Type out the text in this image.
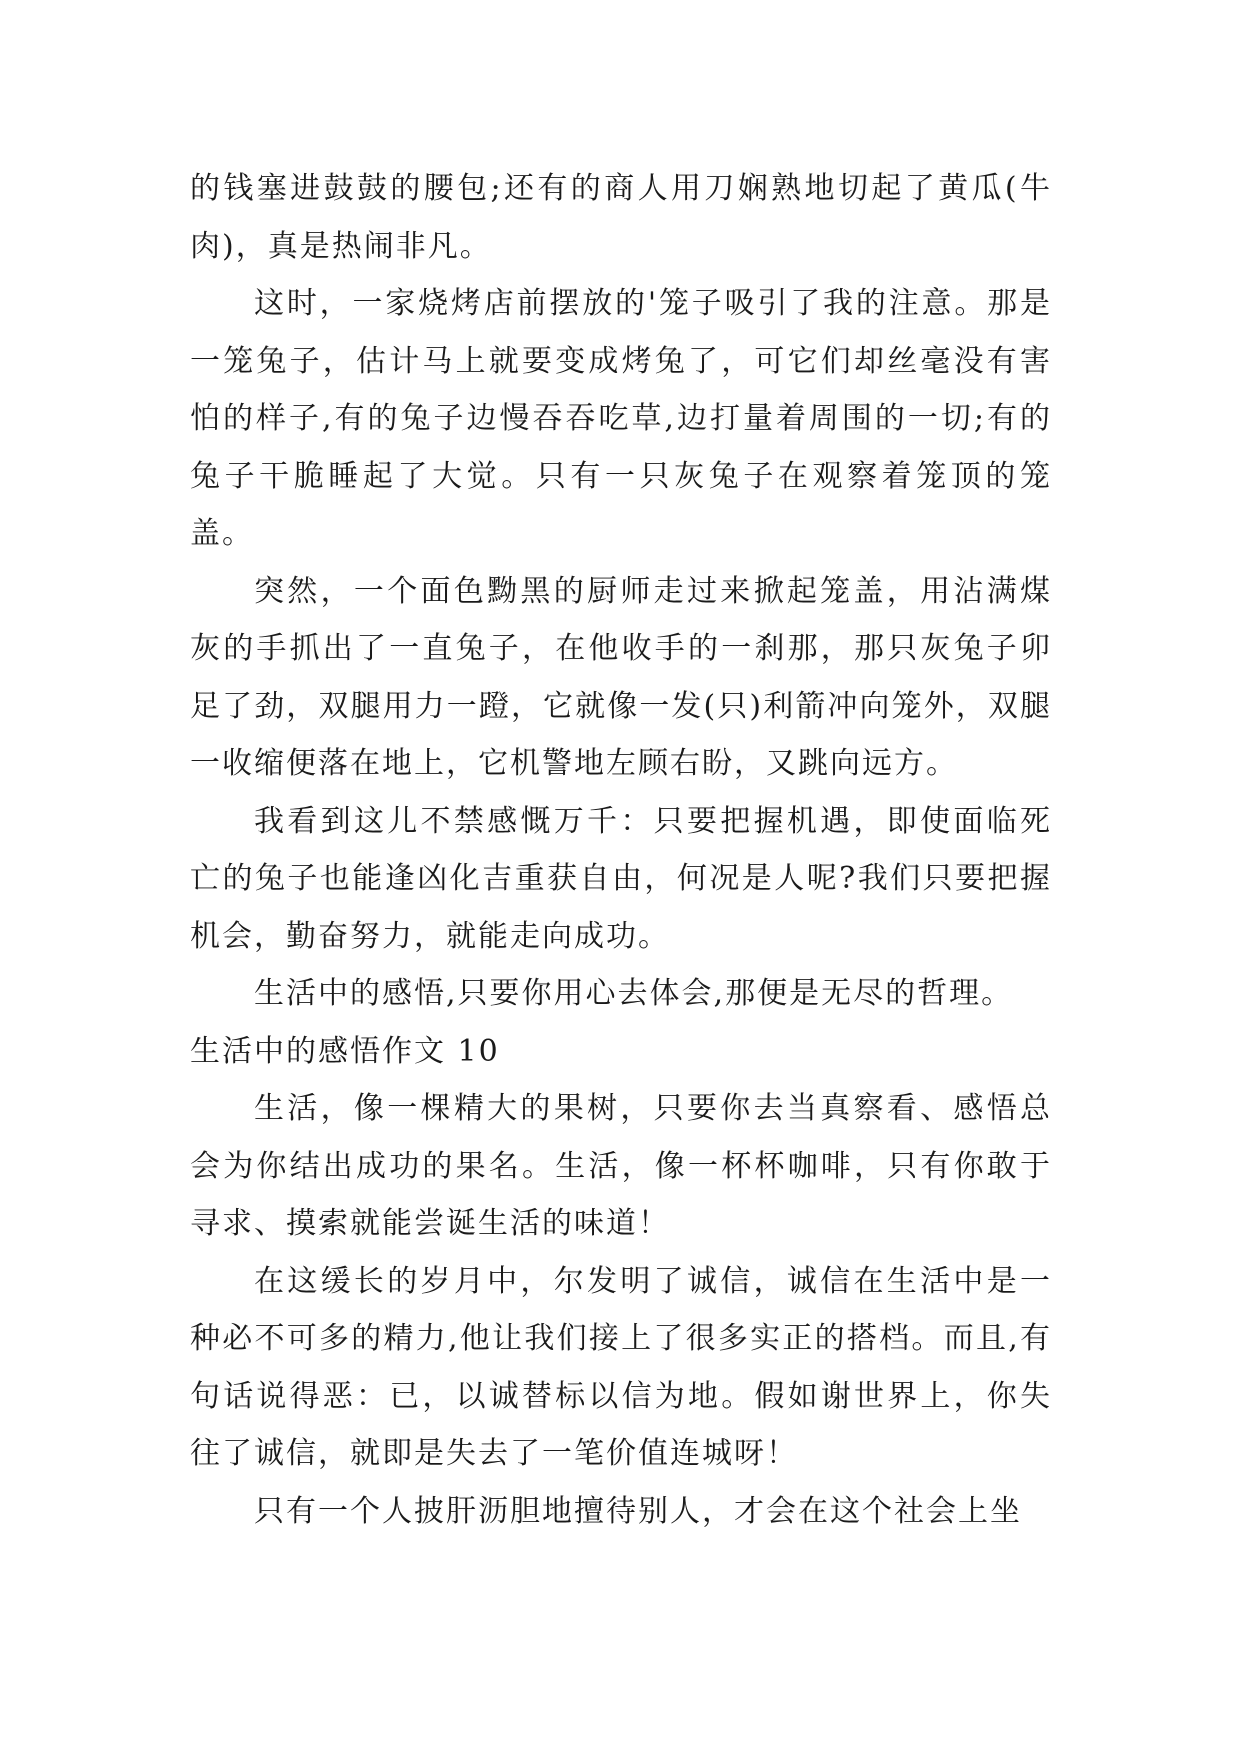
的钱塞进鼓鼓的腰包;还有的商人用刀娴熟地切起了黄瓜(牛肉)，真是热闹非凡。

这时，一家烧烤店前摆放的'笼子吸引了我的注意。那是一笼兔子，估计马上就要变成烤兔了，可它们却丝毫没有害怕的样子,有的兔子边慢吞吞吃草,边打量着周围的一切;有的兔子干脆睡起了大觉。只有一只灰兔子在观察着笼顶的笼盖。

突然，一个面色黝黑的厨师走过来掀起笼盖，用沾满煤灰的手抓出了一直兔子，在他收手的一刹那，那只灰兔子卯足了劲，双腿用力一蹬，它就像一发(只)利箭冲向笼外，双腿一收缩便落在地上，它机警地左顾右盼，又跳向远方。

我看到这儿不禁感慨万千：只要把握机遇，即使面临死亡的兔子也能逢凶化吉重获自由，何况是人呢?我们只要把握机会，勤奋努力，就能走向成功。

生活中的感悟,只要你用心去体会,那便是无尽的哲理。

生活中的感悟作文 10

生活，像一棵精大的果树，只要你去当真察看、感悟总会为你结出成功的果名。生活，像一杯杯咖啡，只有你敢于寻求、摸索就能尝诞生活的味道！

在这缓长的岁月中，尔发明了诚信，诚信在生活中是一种必不可多的精力,他让我们接上了很多实正的搭档。而且,有句话说得恶：已，以诚替标以信为地。假如谢世界上，你失往了诚信，就即是失去了一笔价值连城呀！

只有一个人披肝沥胆地擅待别人，才会在这个社会上坐
